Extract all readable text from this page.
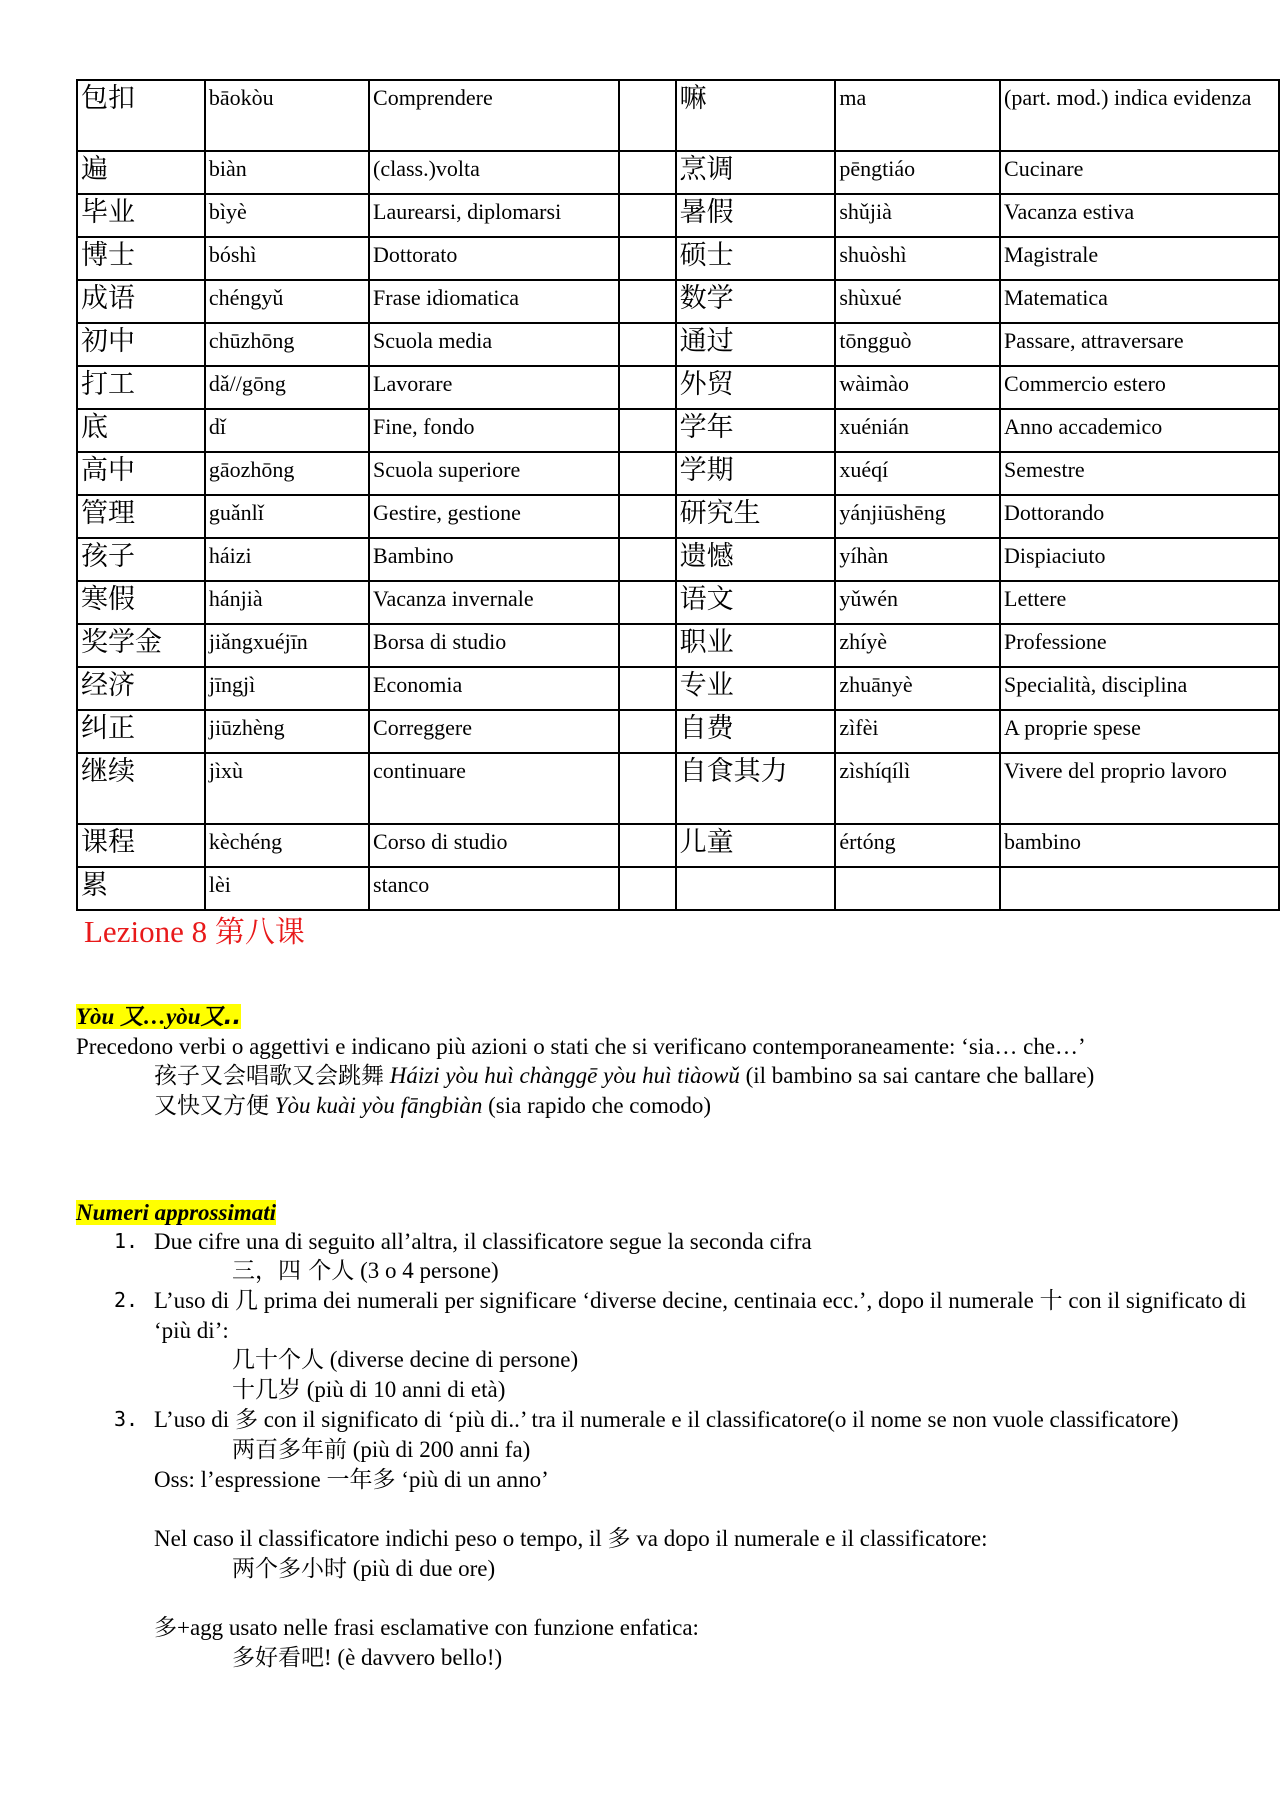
包扣	bāokòu	Comprendere		嘛	ma	(part. mod.) indica evidenza
遍	biàn	(class.)volta		烹调	pēngtiáo	Cucinare
毕业	bìyè	Laurearsi, diplomarsi		暑假	shǔjià	Vacanza estiva
博士	bóshì	Dottorato		硕士	shuòshì	Magistrale
成语	chéngyǔ	Frase idiomatica		数学	shùxué	Matematica
初中	chūzhōng	Scuola media		通过	tōngguò	Passare, attraversare
打工	dǎ//gōng	Lavorare		外贸	wàimào	Commercio estero
底	dǐ	Fine, fondo		学年	xuénián	Anno accademico
高中	gāozhōng	Scuola superiore		学期	xuéqí	Semestre
管理	guǎnlǐ	Gestire, gestione		研究生	yánjiūshēng	Dottorando
孩子	háizi	Bambino		遗憾	yíhàn	Dispiaciuto
寒假	hánjià	Vacanza invernale		语文	yǔwén	Lettere
奖学金	jiǎngxuéjīn	Borsa di studio		职业	zhíyè	Professione
经济	jīngjì	Economia		专业	zhuānyè	Specialità, disciplina
纠正	jiūzhèng	Correggere		自费	zìfèi	A proprie spese
继续	jìxù	continuare		自食其力	zìshíqílì	Vivere del proprio lavoro
课程	kèchéng	Corso di studio		儿童	értóng	bambino
累	lèi	stanco				
Lezione 8 第八课
Yòu 又…yòu又..
Precedono verbi o aggettivi e indicano più azioni o stati che si verificano contemporaneamente: ‘sia… che…’
孩子又会唱歌又会跳舞 Háizi yòu huì chànggē yòu huì tiàowǔ (il bambino sa sai cantare che ballare)
又快又方便 Yòu kuài yòu fāngbiàn (sia rapido che comodo)
Numeri approssimati
1. Due cifre una di seguito all’altra, il classificatore segue la seconda cifra
三，四 个人 (3 o 4 persone)
2. L’uso di 几 prima dei numerali per significare ‘diverse decine, centinaia ecc.’, dopo il numerale 十 con il significato di ‘più di’:
几十个人 (diverse decine di persone)
十几岁 (più di 10 anni di età)
3. L’uso di 多 con il significato di ‘più di..’ tra il numerale e il classificatore(o il nome se non vuole classificatore)
两百多年前 (più di 200 anni fa)
Oss: l’espressione 一年多 ‘più di un anno’
Nel caso il classificatore indichi peso o tempo, il 多 va dopo il numerale e il classificatore:
两个多小时 (più di due ore)
多+agg usato nelle frasi esclamative con funzione enfatica:
多好看吧! (è davvero bello!)
